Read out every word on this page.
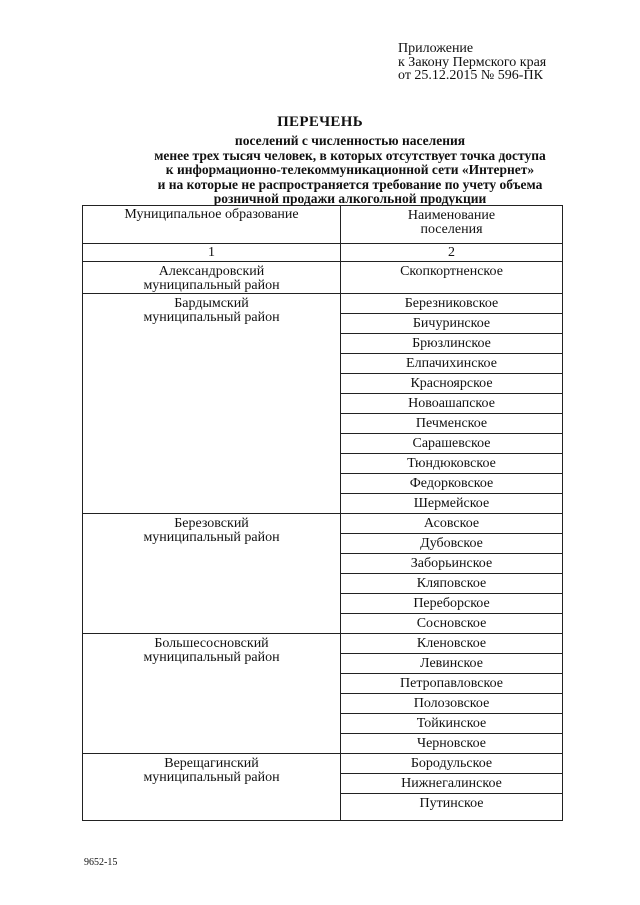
Приложение
к Закону Пермского края
от 25.12.2015 № 596-ПК
ПЕРЕЧЕНЬ
поселений с численностью населения
менее трех тысяч человек, в которых отсутствует точка доступа
к информационно-телекоммуникационной сети «Интернет»
и на которые не распространяется требование по учету объема
розничной продажи алкогольной продукции
Муниципальное образование	Наименование
поселения

1	2

Александровский
муниципальный район	Скопкортненское

Бардымский
муниципальный район	Березниковское
	Бичуринское
	Брюзлинское
	Елпачихинское
	Красноярское
	Новоашапское
	Печменское
	Сарашевское
	Тюндюковское
	Федорковское
	Шермейское

Березовский
муниципальный район	Асовское
	Дубовское
	Заборьинское
	Кляповское
	Переборское
	Сосновское

Большесосновский
муниципальный район	Кленовское
	Левинское
	Петропавловское
	Полозовское
	Тойкинское
	Черновское

Верещагинский
муниципальный район	Бородульское
	Нижнегалинское
	Путинское
9652-15
